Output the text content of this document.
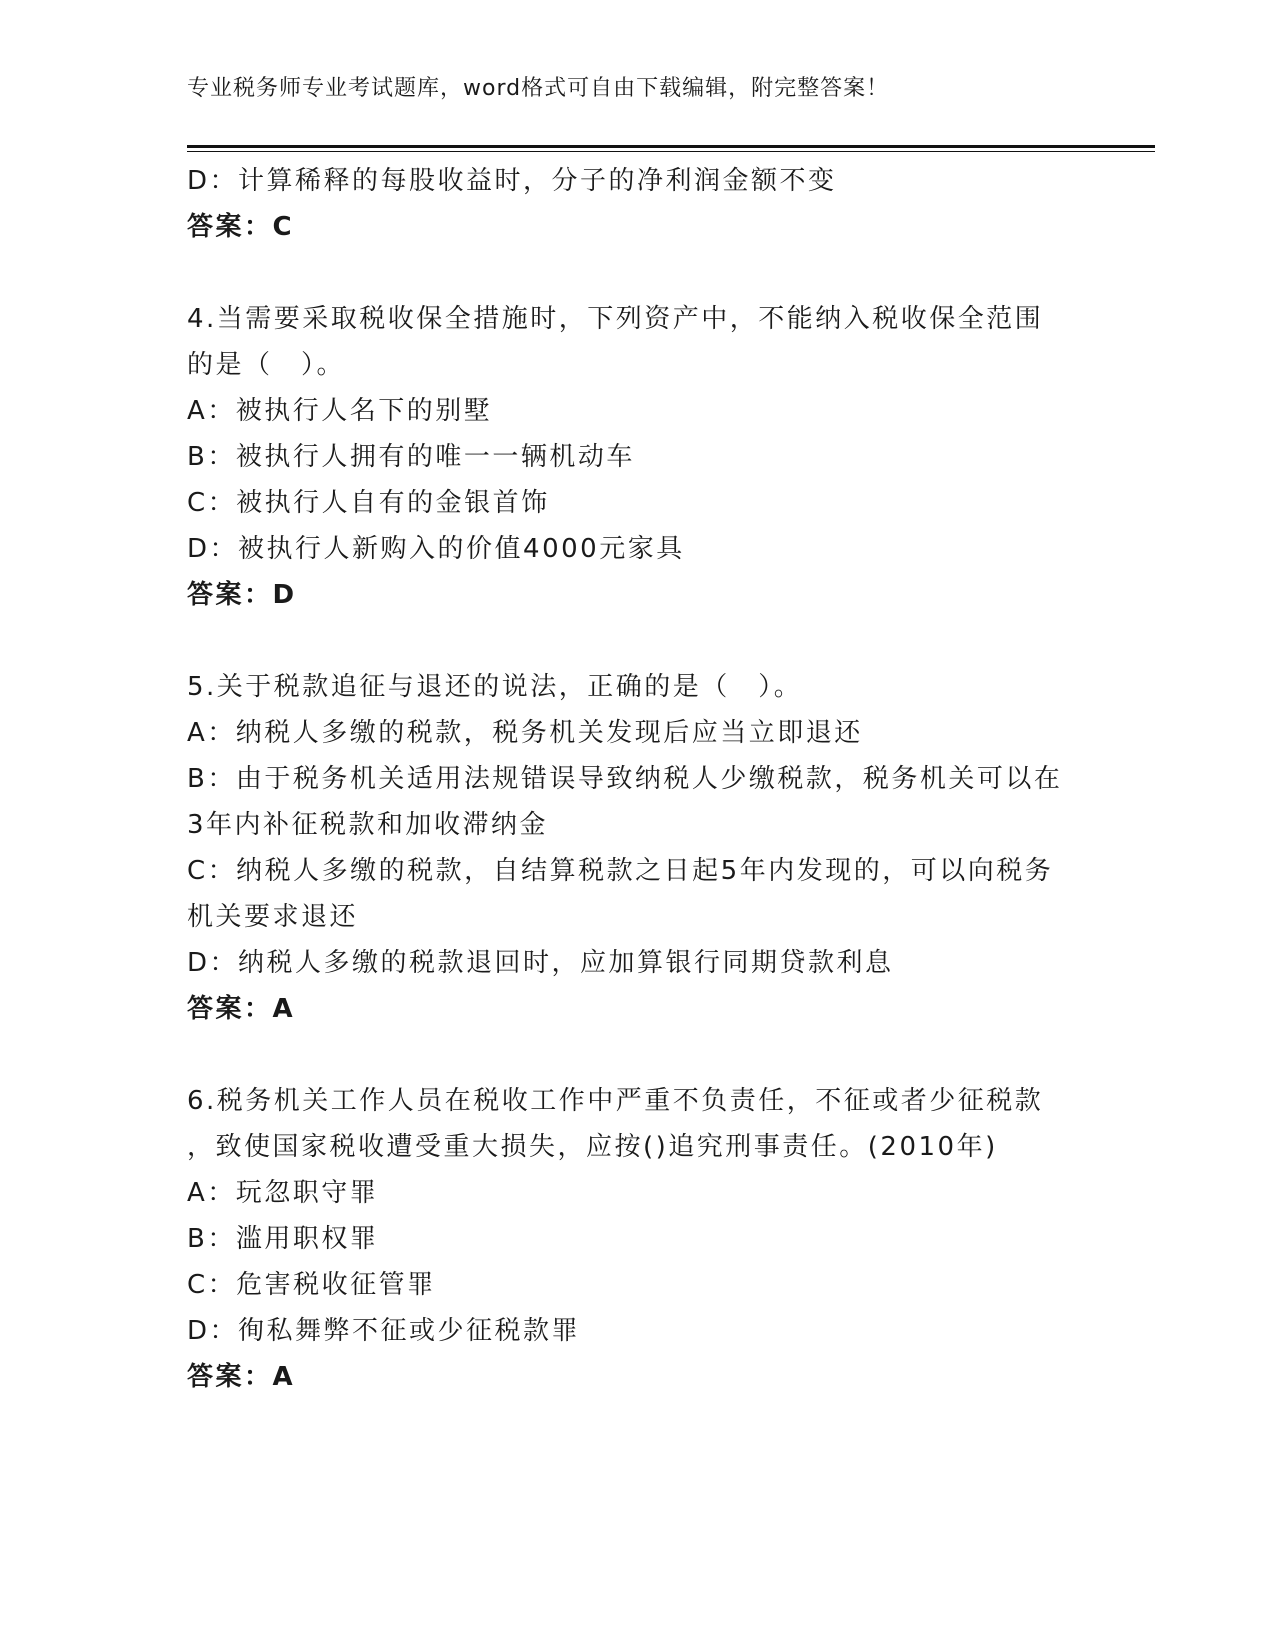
专业税务师专业考试题库，word格式可自由下载编辑，附完整答案！
D：计算稀释的每股收益时，分子的净利润金额不变
答案：C
4.当需要采取税收保全措施时，下列资产中，不能纳入税收保全范围
的是（　）。
A：被执行人名下的别墅
B：被执行人拥有的唯一一辆机动车
C：被执行人自有的金银首饰
D：被执行人新购入的价值4000元家具
答案：D
5.关于税款追征与退还的说法，正确的是（　）。
A：纳税人多缴的税款，税务机关发现后应当立即退还
B：由于税务机关适用法规错误导致纳税人少缴税款，税务机关可以在
3年内补征税款和加收滞纳金
C：纳税人多缴的税款，自结算税款之日起5年内发现的，可以向税务
机关要求退还
D：纳税人多缴的税款退回时，应加算银行同期贷款利息
答案：A
6.税务机关工作人员在税收工作中严重不负责任，不征或者少征税款
，致使国家税收遭受重大损失，应按()追究刑事责任。(2010年)
A：玩忽职守罪
B：滥用职权罪
C：危害税收征管罪
D：徇私舞弊不征或少征税款罪
答案：A
